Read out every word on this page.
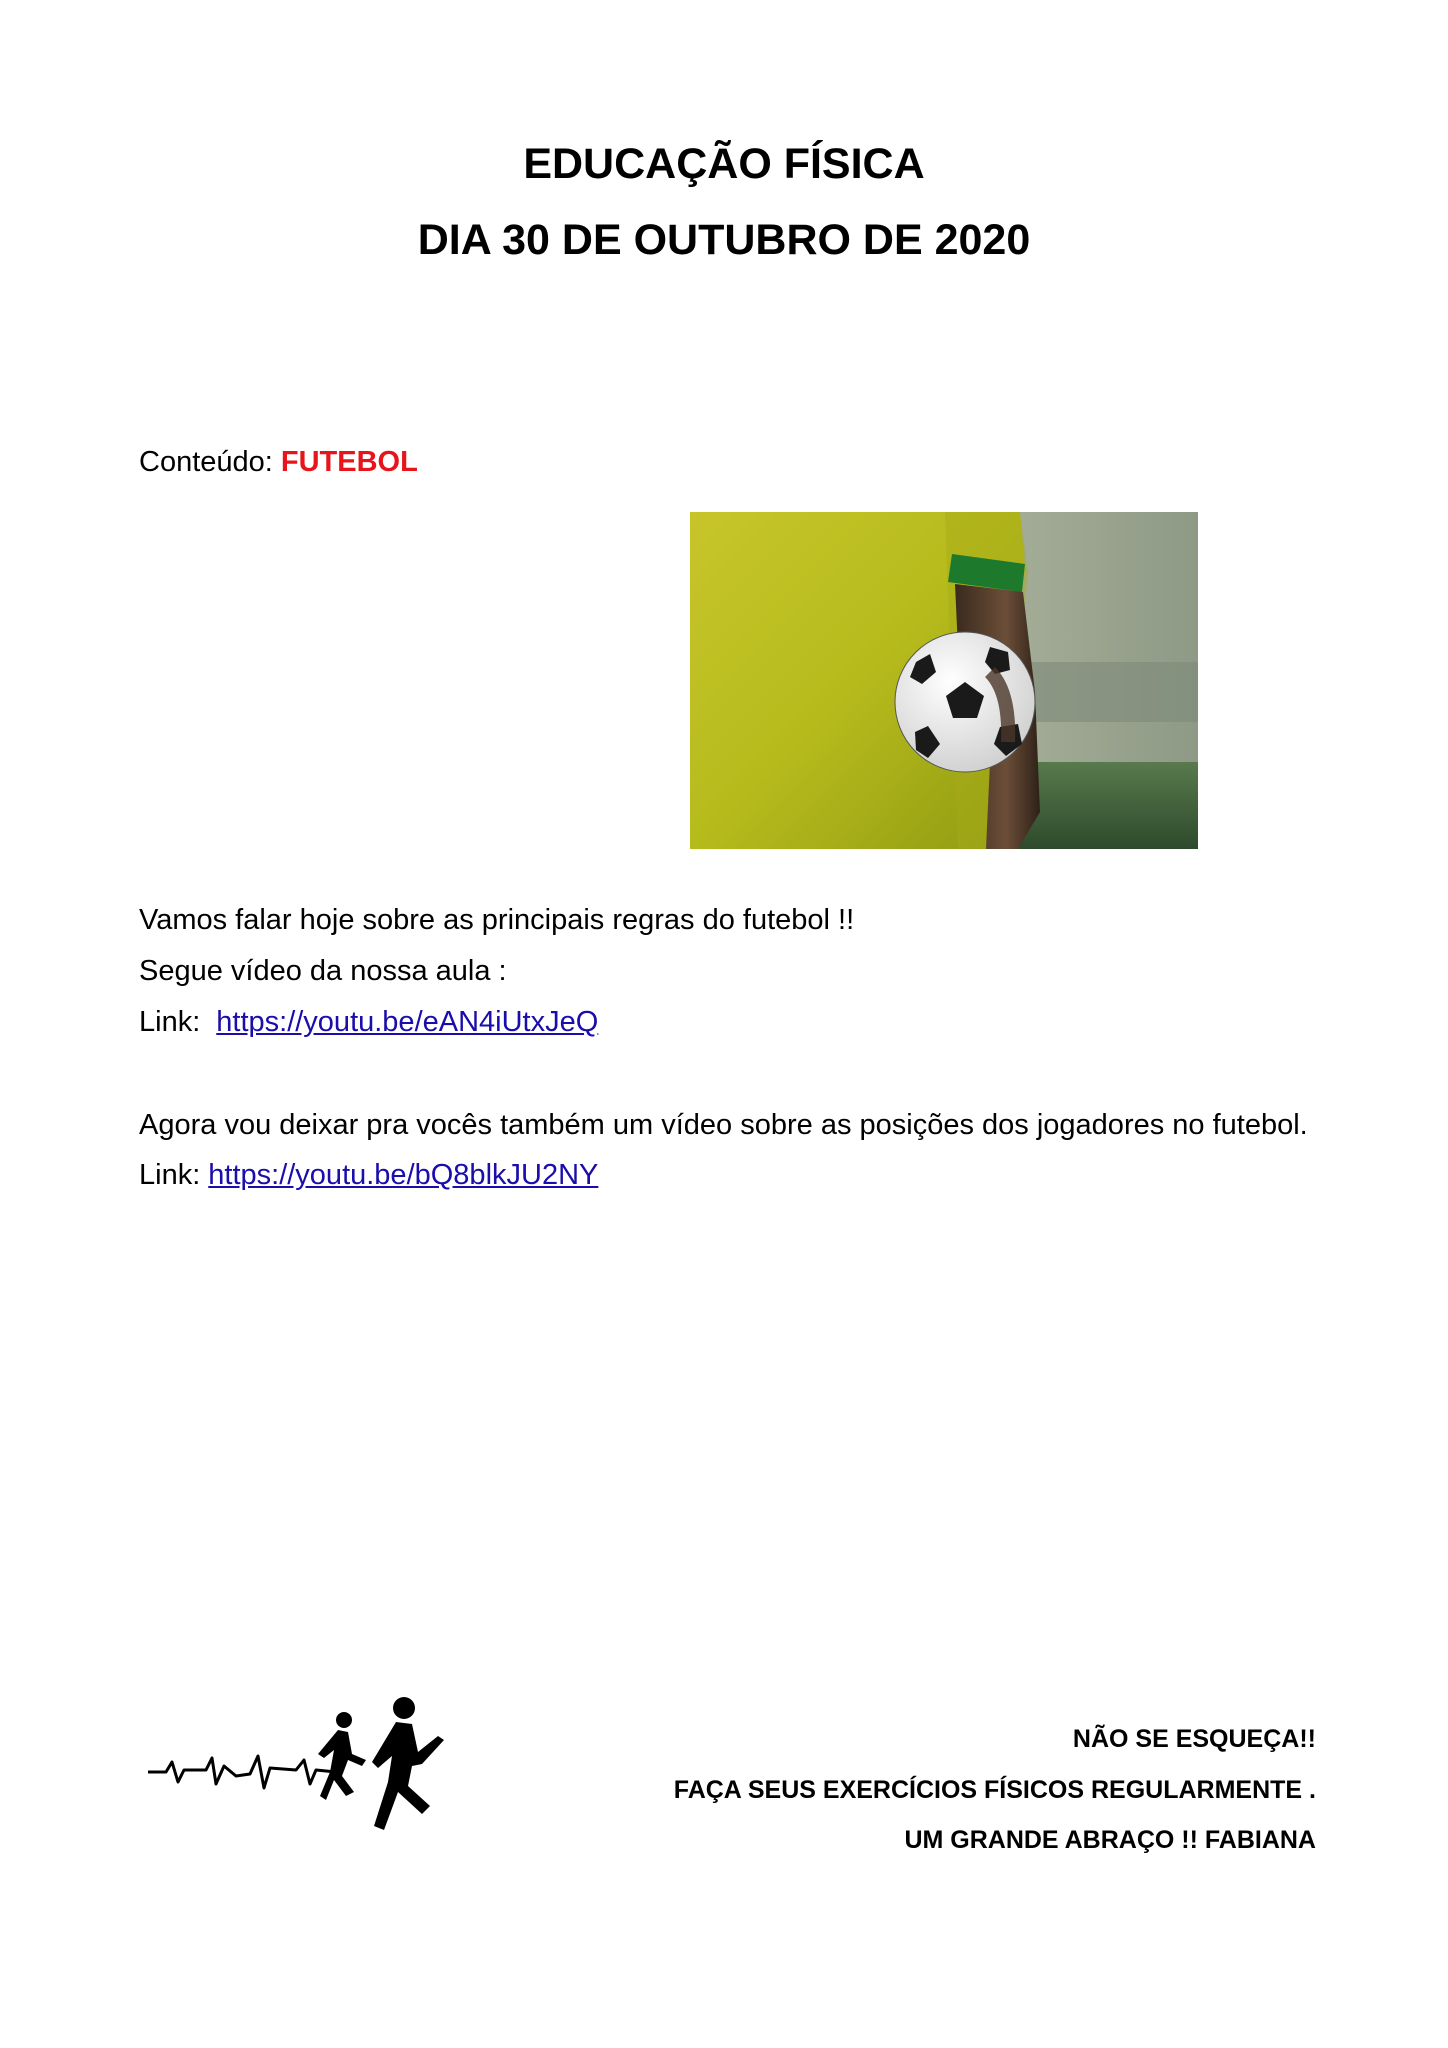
EDUCAÇÃO FÍSICA
DIA 30 DE OUTUBRO DE 2020
Conteúdo: FUTEBOL
Vamos falar hoje sobre as principais regras do futebol !!
Segue vídeo da nossa aula :
Link: https://youtu.be/eAN4iUtxJeQ
Agora vou deixar pra vocês também um vídeo sobre as posições dos jogadores no futebol.
Link: https://youtu.be/bQ8blkJU2NY
NÃO SE ESQUEÇA!!
FAÇA SEUS EXERCÍCIOS FÍSICOS REGULARMENTE .
UM GRANDE ABRAÇO !! FABIANA
